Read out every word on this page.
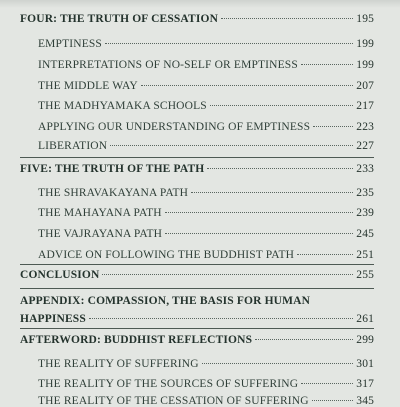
FOUR: THE TRUTH OF CESSATION	195
EMPTINESS	199
INTERPRETATIONS OF NO-SELF OR EMPTINESS	199
THE MIDDLE WAY	207
THE MADHYAMAKA SCHOOLS	217
APPLYING OUR UNDERSTANDING OF EMPTINESS	223
LIBERATION	227
FIVE: THE TRUTH OF THE PATH	233
THE SHRAVAKAYANA PATH	235
THE MAHAYANA PATH	239
THE VAJRAYANA PATH	245
ADVICE ON FOLLOWING THE BUDDHIST PATH	251
CONCLUSION	255
APPENDIX: COMPASSION, THE BASIS FOR HUMAN
HAPPINESS	261
AFTERWORD: BUDDHIST REFLECTIONS	299
THE REALITY OF SUFFERING	301
THE REALITY OF THE SOURCES OF SUFFERING	317
THE REALITY OF THE CESSATION OF SUFFERING	345
